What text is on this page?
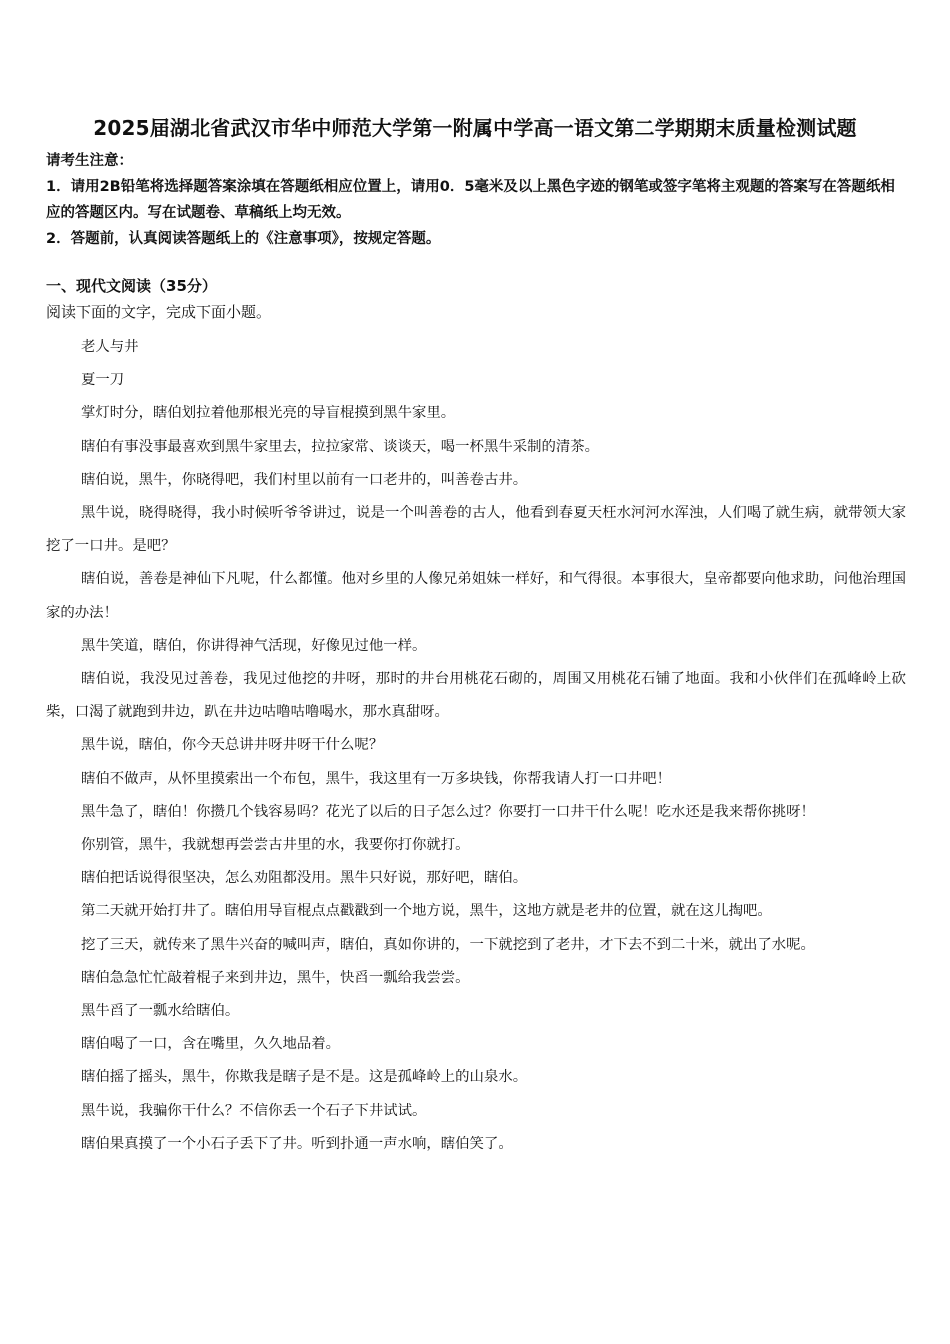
2025届湖北省武汉市华中师范大学第一附属中学高一语文第二学期期末质量检测试题
请考生注意：
1．请用2B铅笔将选择题答案涂填在答题纸相应位置上，请用0．5毫米及以上黑色字迹的钢笔或签字笔将主观题的答案写在答题纸相应的答题区内。写在试题卷、草稿纸上均无效。
2．答题前，认真阅读答题纸上的《注意事项》，按规定答题。
一、现代文阅读（35分）
阅读下面的文字，完成下面小题。

老人与井

夏一刀

掌灯时分，瞎伯划拉着他那根光亮的导盲棍摸到黑牛家里。

瞎伯有事没事最喜欢到黑牛家里去，拉拉家常、谈谈天，喝一杯黑牛采制的清茶。

瞎伯说，黑牛，你晓得吧，我们村里以前有一口老井的，叫善卷古井。

黑牛说，晓得晓得，我小时候听爷爷讲过，说是一个叫善卷的古人，他看到春夏天枉水河河水浑浊，人们喝了就生病，就带领大家挖了一口井。是吧？

瞎伯说，善卷是神仙下凡呢，什么都懂。他对乡里的人像兄弟姐妹一样好，和气得很。本事很大，皇帝都要向他求助，问他治理国家的办法！

黑牛笑道，瞎伯，你讲得神气活现，好像见过他一样。

瞎伯说，我没见过善卷，我见过他挖的井呀，那时的井台用桃花石砌的，周围又用桃花石铺了地面。我和小伙伴们在孤峰岭上砍柴，口渴了就跑到井边，趴在井边咕噜咕噜喝水，那水真甜呀。

黑牛说，瞎伯，你今天总讲井呀井呀干什么呢？

瞎伯不做声，从怀里摸索出一个布包，黑牛，我这里有一万多块钱，你帮我请人打一口井吧！

黑牛急了，瞎伯！你攒几个钱容易吗？花光了以后的日子怎么过？你要打一口井干什么呢！吃水还是我来帮你挑呀！

你别管，黑牛，我就想再尝尝古井里的水，我要你打你就打。

瞎伯把话说得很坚决，怎么劝阻都没用。黑牛只好说，那好吧，瞎伯。

第二天就开始打井了。瞎伯用导盲棍点点戳戳到一个地方说，黑牛，这地方就是老井的位置，就在这儿掏吧。

挖了三天，就传来了黑牛兴奋的喊叫声，瞎伯，真如你讲的，一下就挖到了老井，才下去不到二十米，就出了水呢。

瞎伯急急忙忙敲着棍子来到井边，黑牛，快舀一瓢给我尝尝。

黑牛舀了一瓢水给瞎伯。

瞎伯喝了一口，含在嘴里，久久地品着。

瞎伯摇了摇头，黑牛，你欺我是瞎子是不是。这是孤峰岭上的山泉水。

黑牛说，我骗你干什么？不信你丢一个石子下井试试。

瞎伯果真摸了一个小石子丢下了井。听到扑通一声水响，瞎伯笑了。
